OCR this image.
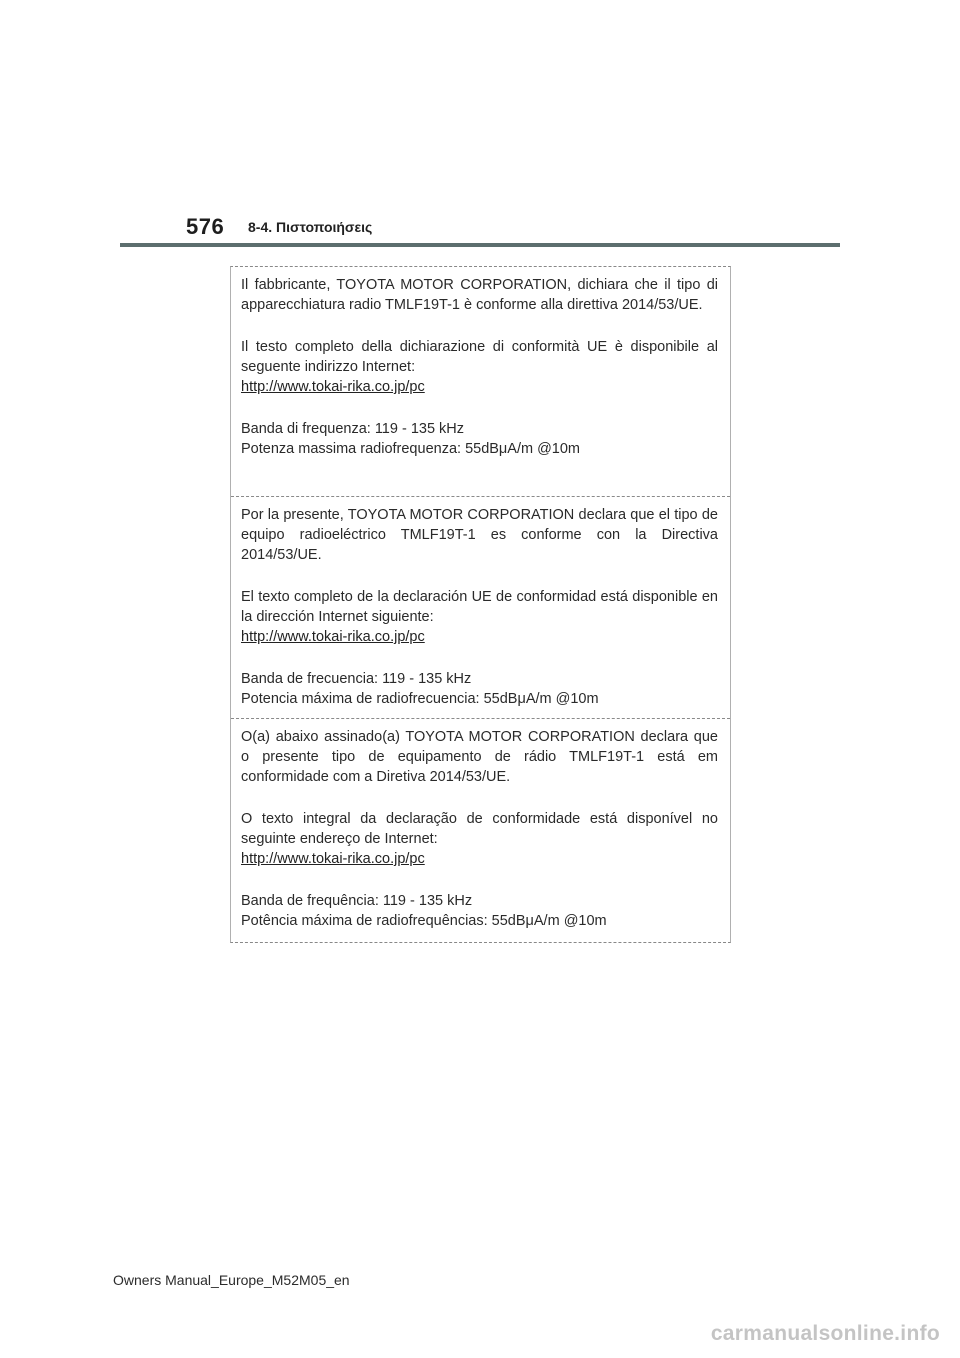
576 8-4. Πιστοποιήσεις

Il fabbricante, TOYOTA MOTOR CORPORATION, dichiara che il tipo di apparecchiatura radio TMLF19T-1 è conforme alla direttiva 2014/53/UE.

Il testo completo della dichiarazione di conformità UE è disponibile al seguente indirizzo Internet:
http://www.tokai-rika.co.jp/pc

Banda di frequenza: 119 - 135 kHz
Potenza massima radiofrequenza: 55dBμA/m @10m

Por la presente, TOYOTA MOTOR CORPORATION declara que el tipo de equipo radioeléctrico TMLF19T-1 es conforme con la Directiva 2014/53/UE.

El texto completo de la declaración UE de conformidad está disponible en la dirección Internet siguiente:
http://www.tokai-rika.co.jp/pc

Banda de frecuencia: 119 - 135 kHz
Potencia máxima de radiofrecuencia: 55dBμA/m @10m

O(a) abaixo assinado(a) TOYOTA MOTOR CORPORATION declara que o presente tipo de equipamento de rádio TMLF19T-1 está em conformidade com a Diretiva 2014/53/UE.

O texto integral da declaração de conformidade está disponível no seguinte endereço de Internet:
http://www.tokai-rika.co.jp/pc

Banda de frequência: 119 - 135 kHz
Potência máxima de radiofrequências: 55dBμA/m @10m

Owners Manual_Europe_M52M05_en
carmanualsonline.info
